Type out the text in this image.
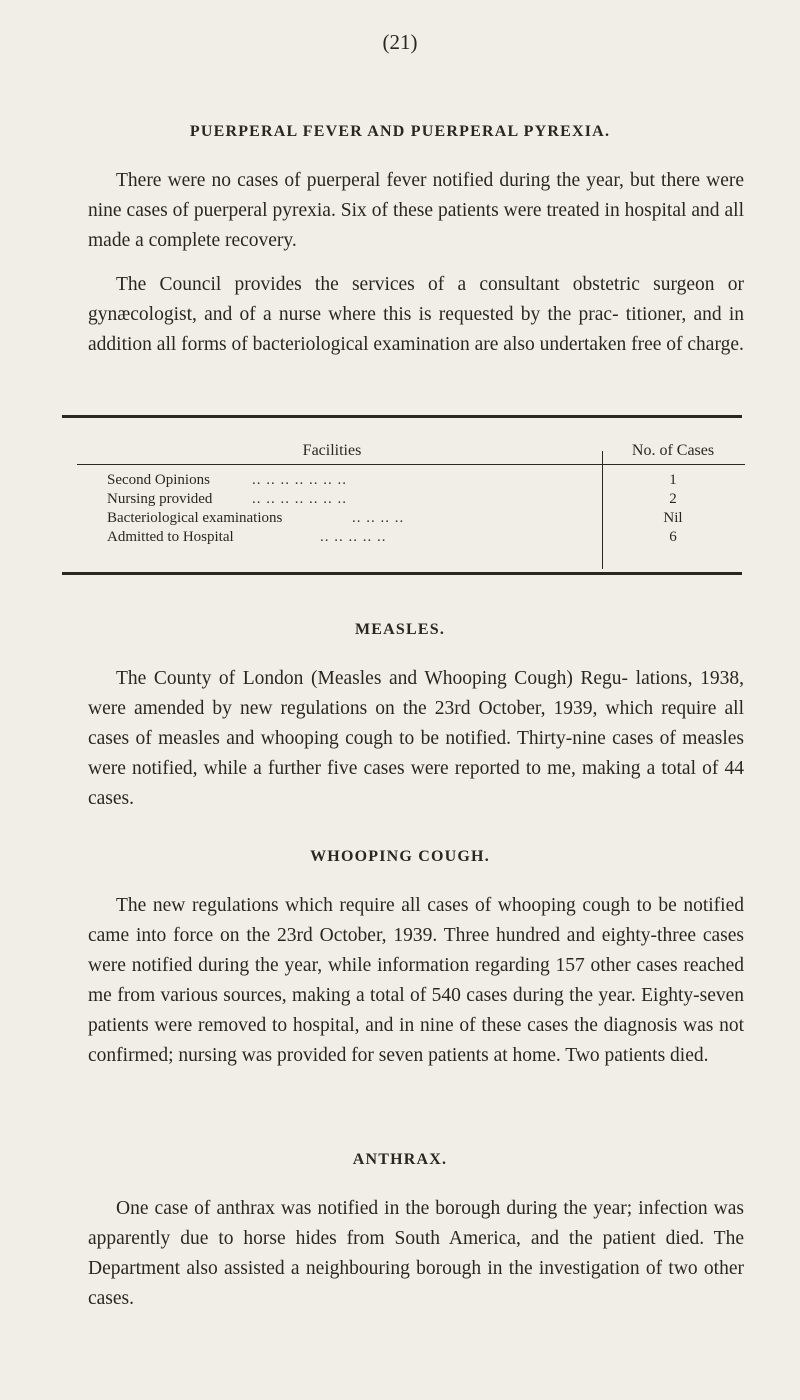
(21)
PUERPERAL FEVER AND PUERPERAL PYREXIA.
There were no cases of puerperal fever notified during the year, but there were nine cases of puerperal pyrexia. Six of these patients were treated in hospital and all made a complete recovery.
The Council provides the services of a consultant obstetric surgeon or gynæcologist, and of a nurse where this is requested by the prac- titioner, and in addition all forms of bacteriological examination are also undertaken free of charge.
Facilities	No. of Cases
Second Opinions	.. .. .. .. .. .. ..	1
Nursing provided	.. .. .. .. .. .. ..	2
Bacteriological examinations	.. .. .. ..	Nil
Admitted to Hospital	.. .. .. .. ..	6
MEASLES.
The County of London (Measles and Whooping Cough) Regu- lations, 1938, were amended by new regulations on the 23rd October, 1939, which require all cases of measles and whooping cough to be notified. Thirty-nine cases of measles were notified, while a further five cases were reported to me, making a total of 44 cases.
WHOOPING COUGH.
The new regulations which require all cases of whooping cough to be notified came into force on the 23rd October, 1939. Three hundred and eighty-three cases were notified during the year, while information regarding 157 other cases reached me from various sources, making a total of 540 cases during the year. Eighty-seven patients were removed to hospital, and in nine of these cases the diagnosis was not confirmed; nursing was provided for seven patients at home. Two patients died.
ANTHRAX.
One case of anthrax was notified in the borough during the year; infection was apparently due to horse hides from South America, and the patient died. The Department also assisted a neighbouring borough in the investigation of two other cases.
